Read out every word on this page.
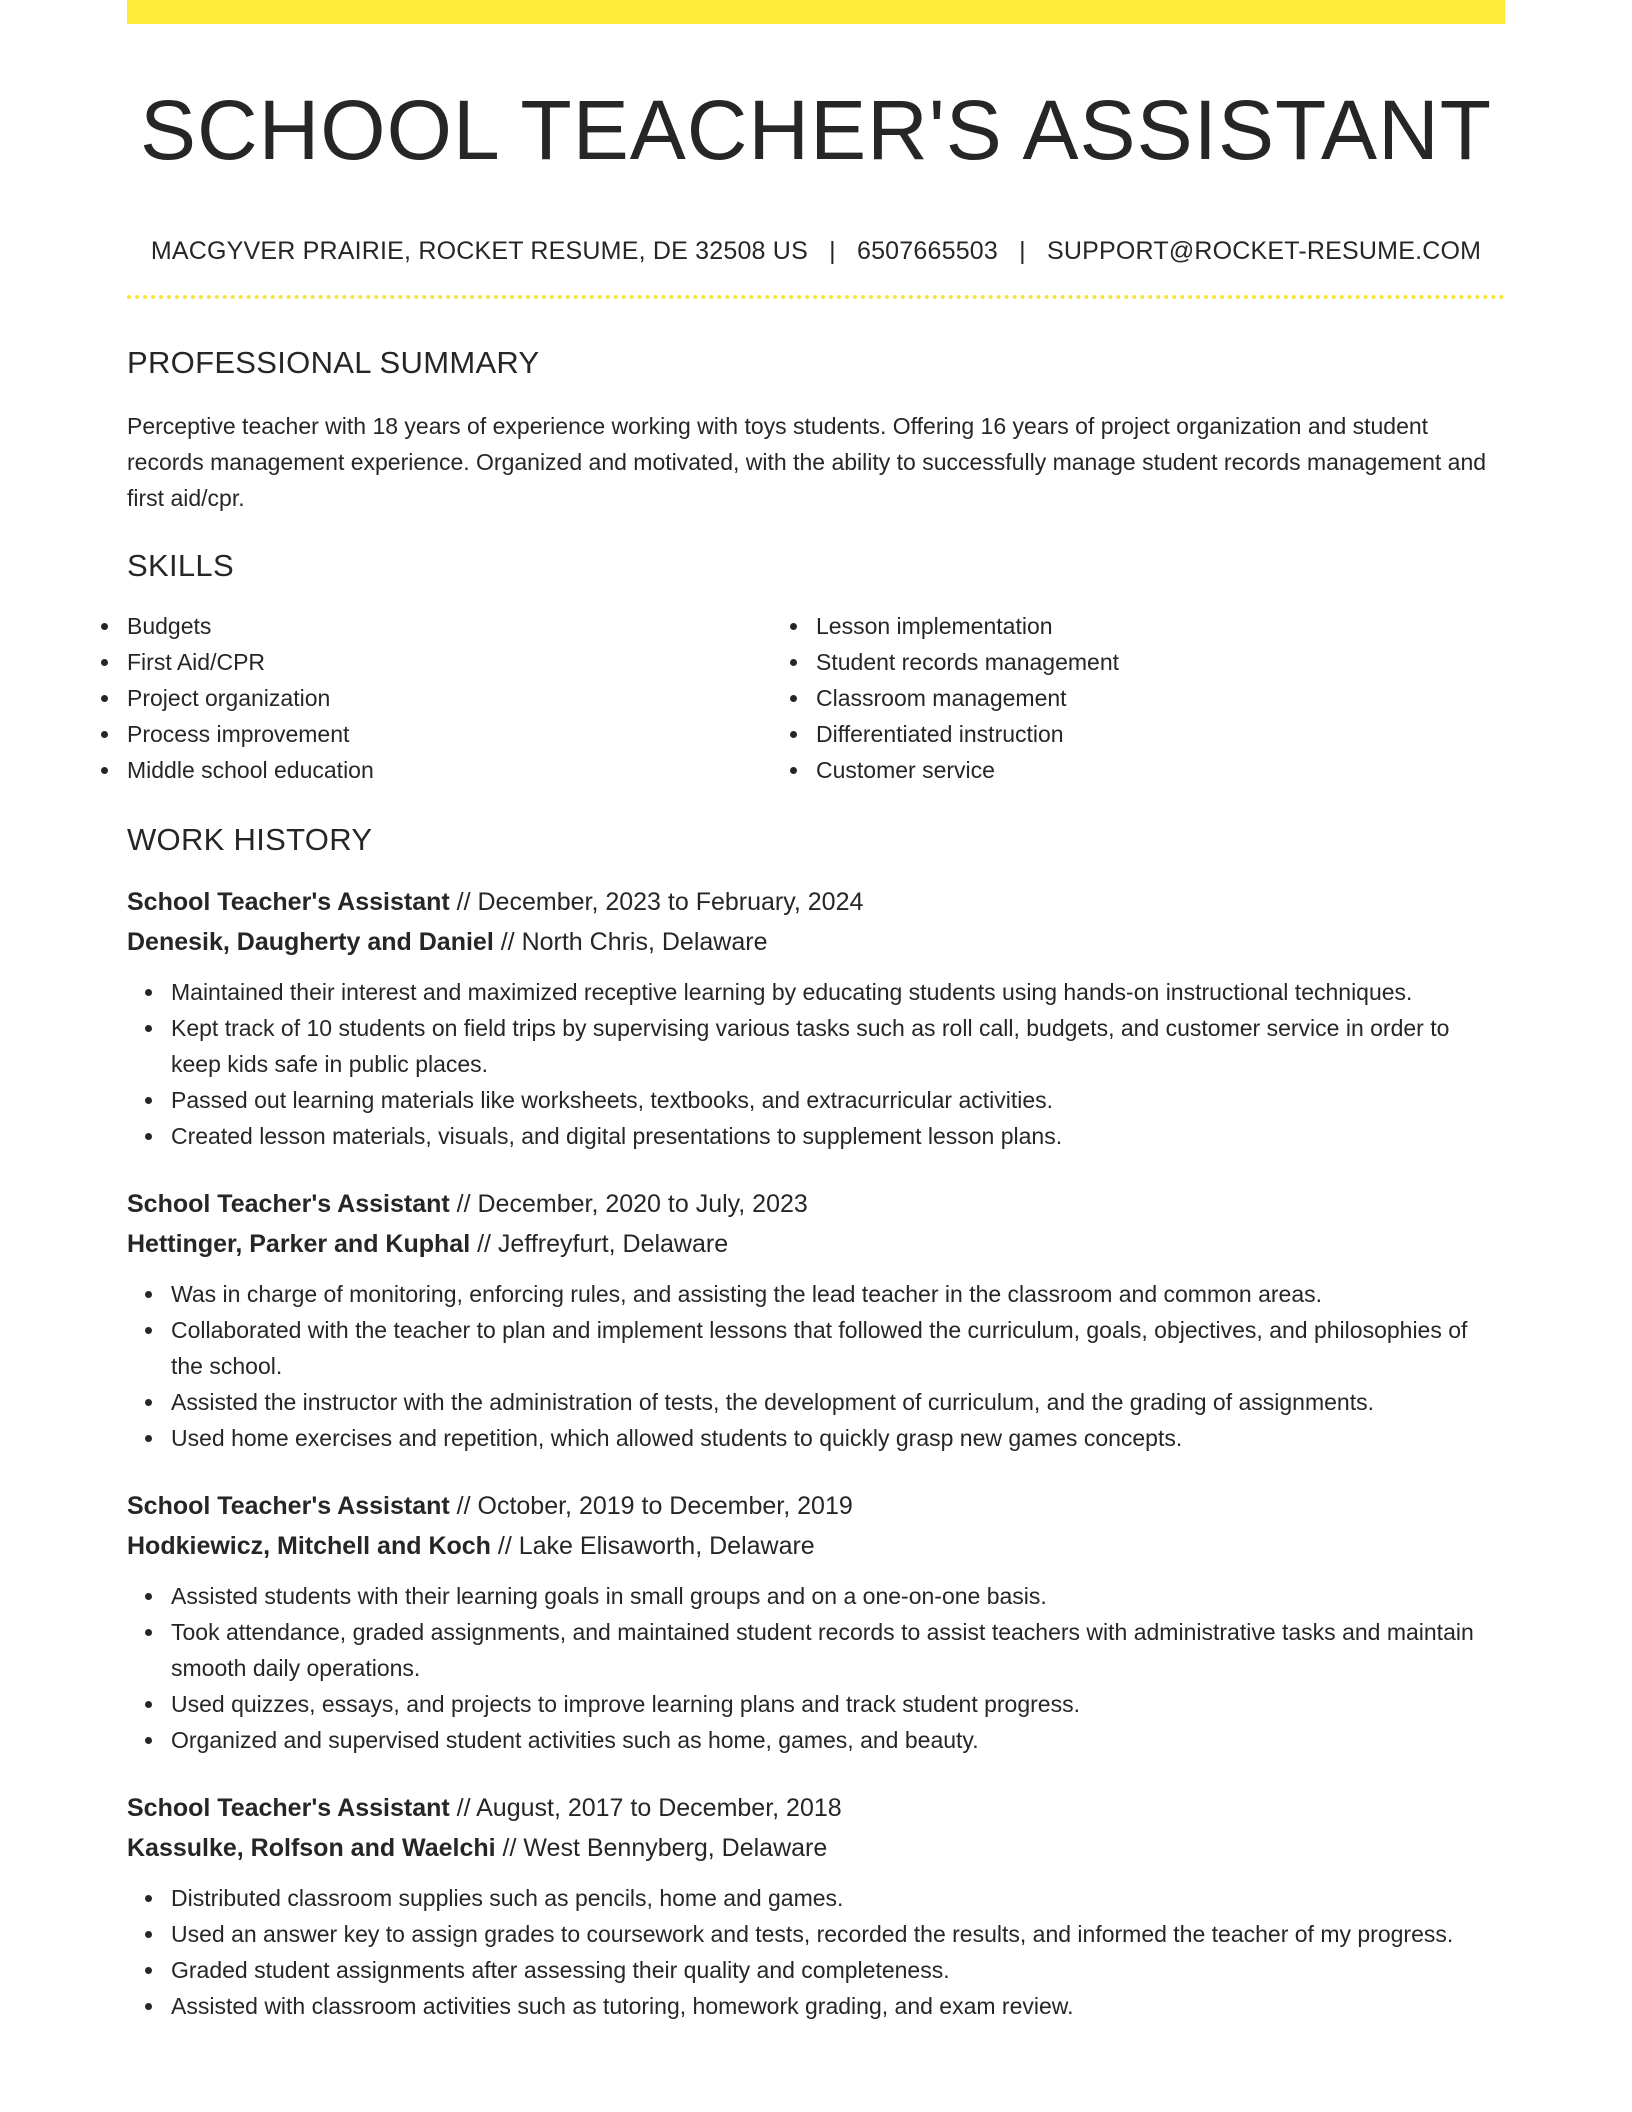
SCHOOL TEACHER'S ASSISTANT
MACGYVER PRAIRIE, ROCKET RESUME, DE 32508 US | 6507665503 | SUPPORT@ROCKET-RESUME.COM
PROFESSIONAL SUMMARY

Perceptive teacher with 18 years of experience working with toys students. Offering 16 years of project organization and student records management experience. Organized and motivated, with the ability to successfully manage student records management and first aid/cpr.

SKILLS
Budgets
First Aid/CPR
Project organization
Process improvement
Middle school education
Lesson implementation
Student records management
Classroom management
Differentiated instruction
Customer service
WORK HISTORY
School Teacher's Assistant // December, 2023 to February, 2024
Denesik, Daugherty and Daniel // North Chris, Delaware
Maintained their interest and maximized receptive learning by educating students using hands-on instructional techniques.
Kept track of 10 students on field trips by supervising various tasks such as roll call, budgets, and customer service in order to keep kids safe in public places.
Passed out learning materials like worksheets, textbooks, and extracurricular activities.
Created lesson materials, visuals, and digital presentations to supplement lesson plans.
School Teacher's Assistant // December, 2020 to July, 2023
Hettinger, Parker and Kuphal // Jeffreyfurt, Delaware
Was in charge of monitoring, enforcing rules, and assisting the lead teacher in the classroom and common areas.
Collaborated with the teacher to plan and implement lessons that followed the curriculum, goals, objectives, and philosophies of the school.
Assisted the instructor with the administration of tests, the development of curriculum, and the grading of assignments.
Used home exercises and repetition, which allowed students to quickly grasp new games concepts.
School Teacher's Assistant // October, 2019 to December, 2019
Hodkiewicz, Mitchell and Koch // Lake Elisaworth, Delaware
Assisted students with their learning goals in small groups and on a one-on-one basis.
Took attendance, graded assignments, and maintained student records to assist teachers with administrative tasks and maintain smooth daily operations.
Used quizzes, essays, and projects to improve learning plans and track student progress.
Organized and supervised student activities such as home, games, and beauty.
School Teacher's Assistant // August, 2017 to December, 2018
Kassulke, Rolfson and Waelchi // West Bennyberg, Delaware
Distributed classroom supplies such as pencils, home and games.
Used an answer key to assign grades to coursework and tests, recorded the results, and informed the teacher of my progress.
Graded student assignments after assessing their quality and completeness.
Assisted with classroom activities such as tutoring, homework grading, and exam review.
